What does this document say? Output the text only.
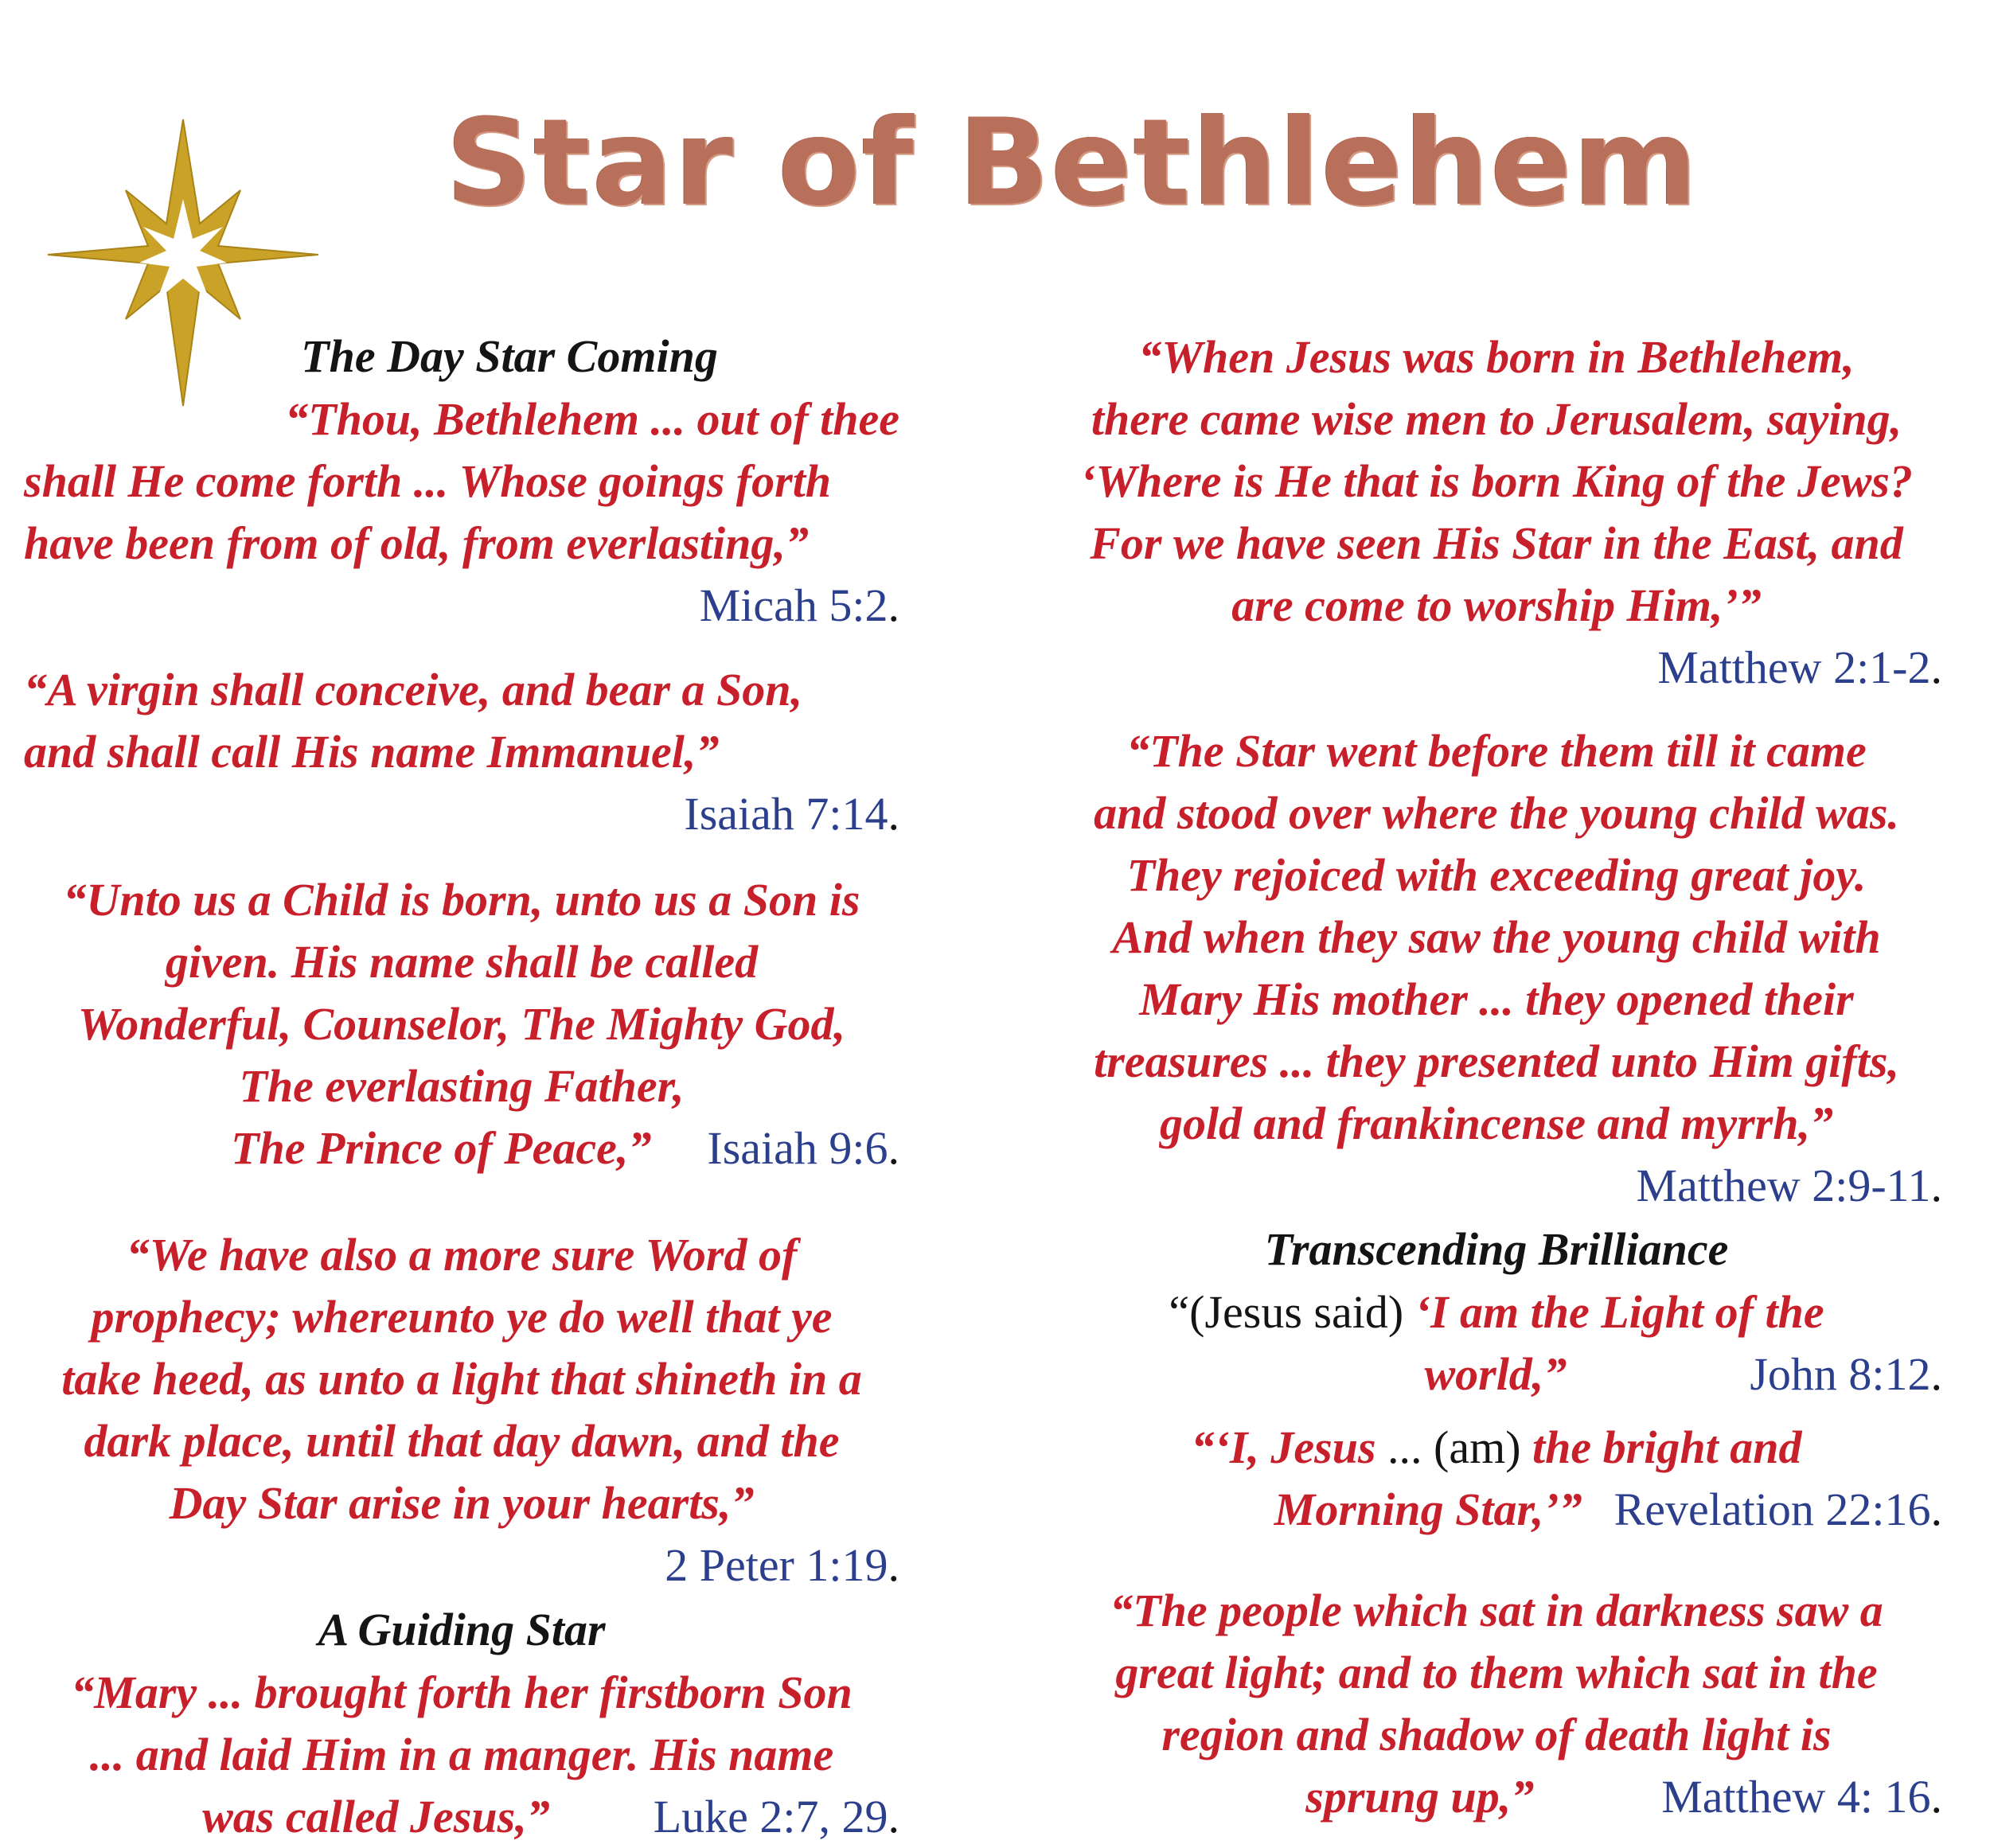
Star of Bethlehem
The Day Star Coming
“Thou, Bethlehem ... out of thee
shall He come forth ... Whose goings forth
have been from of old, from everlasting,”
Micah 5:2.
“A virgin shall conceive, and bear a Son,
and shall call His name Immanuel,”
Isaiah 7:14.
“Unto us a Child is born, unto us a Son is
given. His name shall be called
Wonderful, Counselor, The Mighty God,
The everlasting Father,
The Prince of Peace,” Isaiah 9:6.
“We have also a more sure Word of
prophecy; whereunto ye do well that ye
take heed, as unto a light that shineth in a
dark place, until that day dawn, and the
Day Star arise in your hearts,”
2 Peter 1:19.
A Guiding Star
“Mary ... brought forth her firstborn Son
... and laid Him in a manger. His name
was called Jesus,” Luke 2:7, 29.
“When Jesus was born in Bethlehem,
there came wise men to Jerusalem, saying,
‘Where is He that is born King of the Jews?
For we have seen His Star in the East, and
are come to worship Him,’”
Matthew 2:1-2.
“The Star went before them till it came
and stood over where the young child was.
They rejoiced with exceeding great joy.
And when they saw the young child with
Mary His mother ... they opened their
treasures ... they presented unto Him gifts,
gold and frankincense and myrrh,”
Matthew 2:9-11.
Transcending Brilliance
“(Jesus said) ‘I am the Light of the
world,”	John 8:12.
“‘I, Jesus ... (am) the bright and
Morning Star,’” Revelation 22:16.
“The people which sat in darkness saw a
great light; and to them which sat in the
region and shadow of death light is
sprung up,”	Matthew 4: 16.
